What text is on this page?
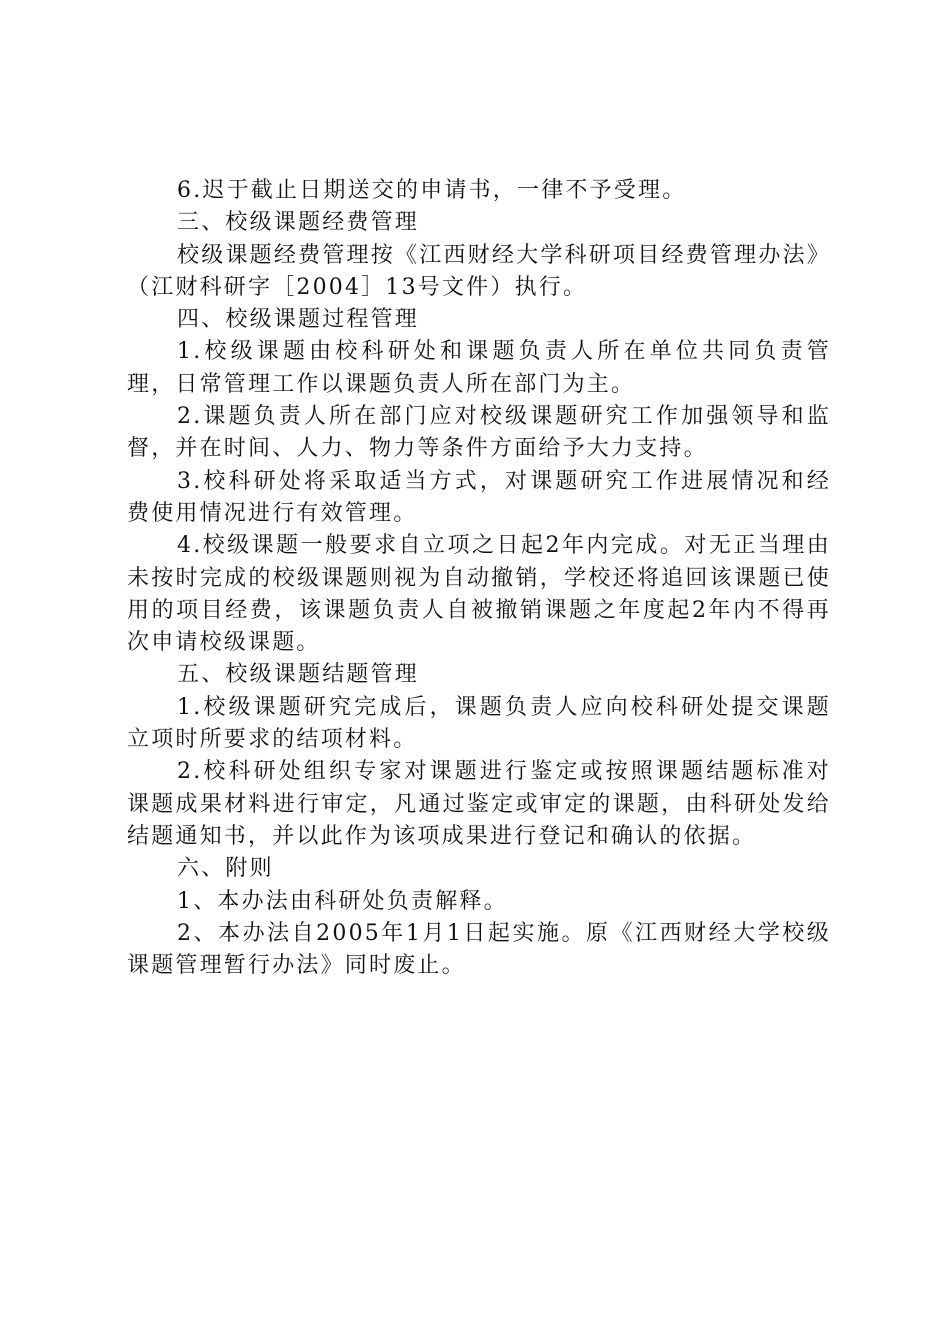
6.迟于截止日期送交的申请书，一律不予受理。

三、校级课题经费管理

校级课题经费管理按《江西财经大学科研项目经费管理办法》（江财科研字［2004］13号文件）执行。

四、校级课题过程管理

1.校级课题由校科研处和课题负责人所在单位共同负责管理，日常管理工作以课题负责人所在部门为主。

2.课题负责人所在部门应对校级课题研究工作加强领导和监督，并在时间、人力、物力等条件方面给予大力支持。

3.校科研处将采取适当方式，对课题研究工作进展情况和经费使用情况进行有效管理。

4.校级课题一般要求自立项之日起2年内完成。对无正当理由未按时完成的校级课题则视为自动撤销，学校还将追回该课题已使用的项目经费，该课题负责人自被撤销课题之年度起2年内不得再次申请校级课题。

五、校级课题结题管理

1.校级课题研究完成后，课题负责人应向校科研处提交课题立项时所要求的结项材料。

2.校科研处组织专家对课题进行鉴定或按照课题结题标准对课题成果材料进行审定，凡通过鉴定或审定的课题，由科研处发给结题通知书，并以此作为该项成果进行登记和确认的依据。

六、附则

1、本办法由科研处负责解释。

2、本办法自2005年1月1日起实施。原《江西财经大学校级课题管理暂行办法》同时废止。
